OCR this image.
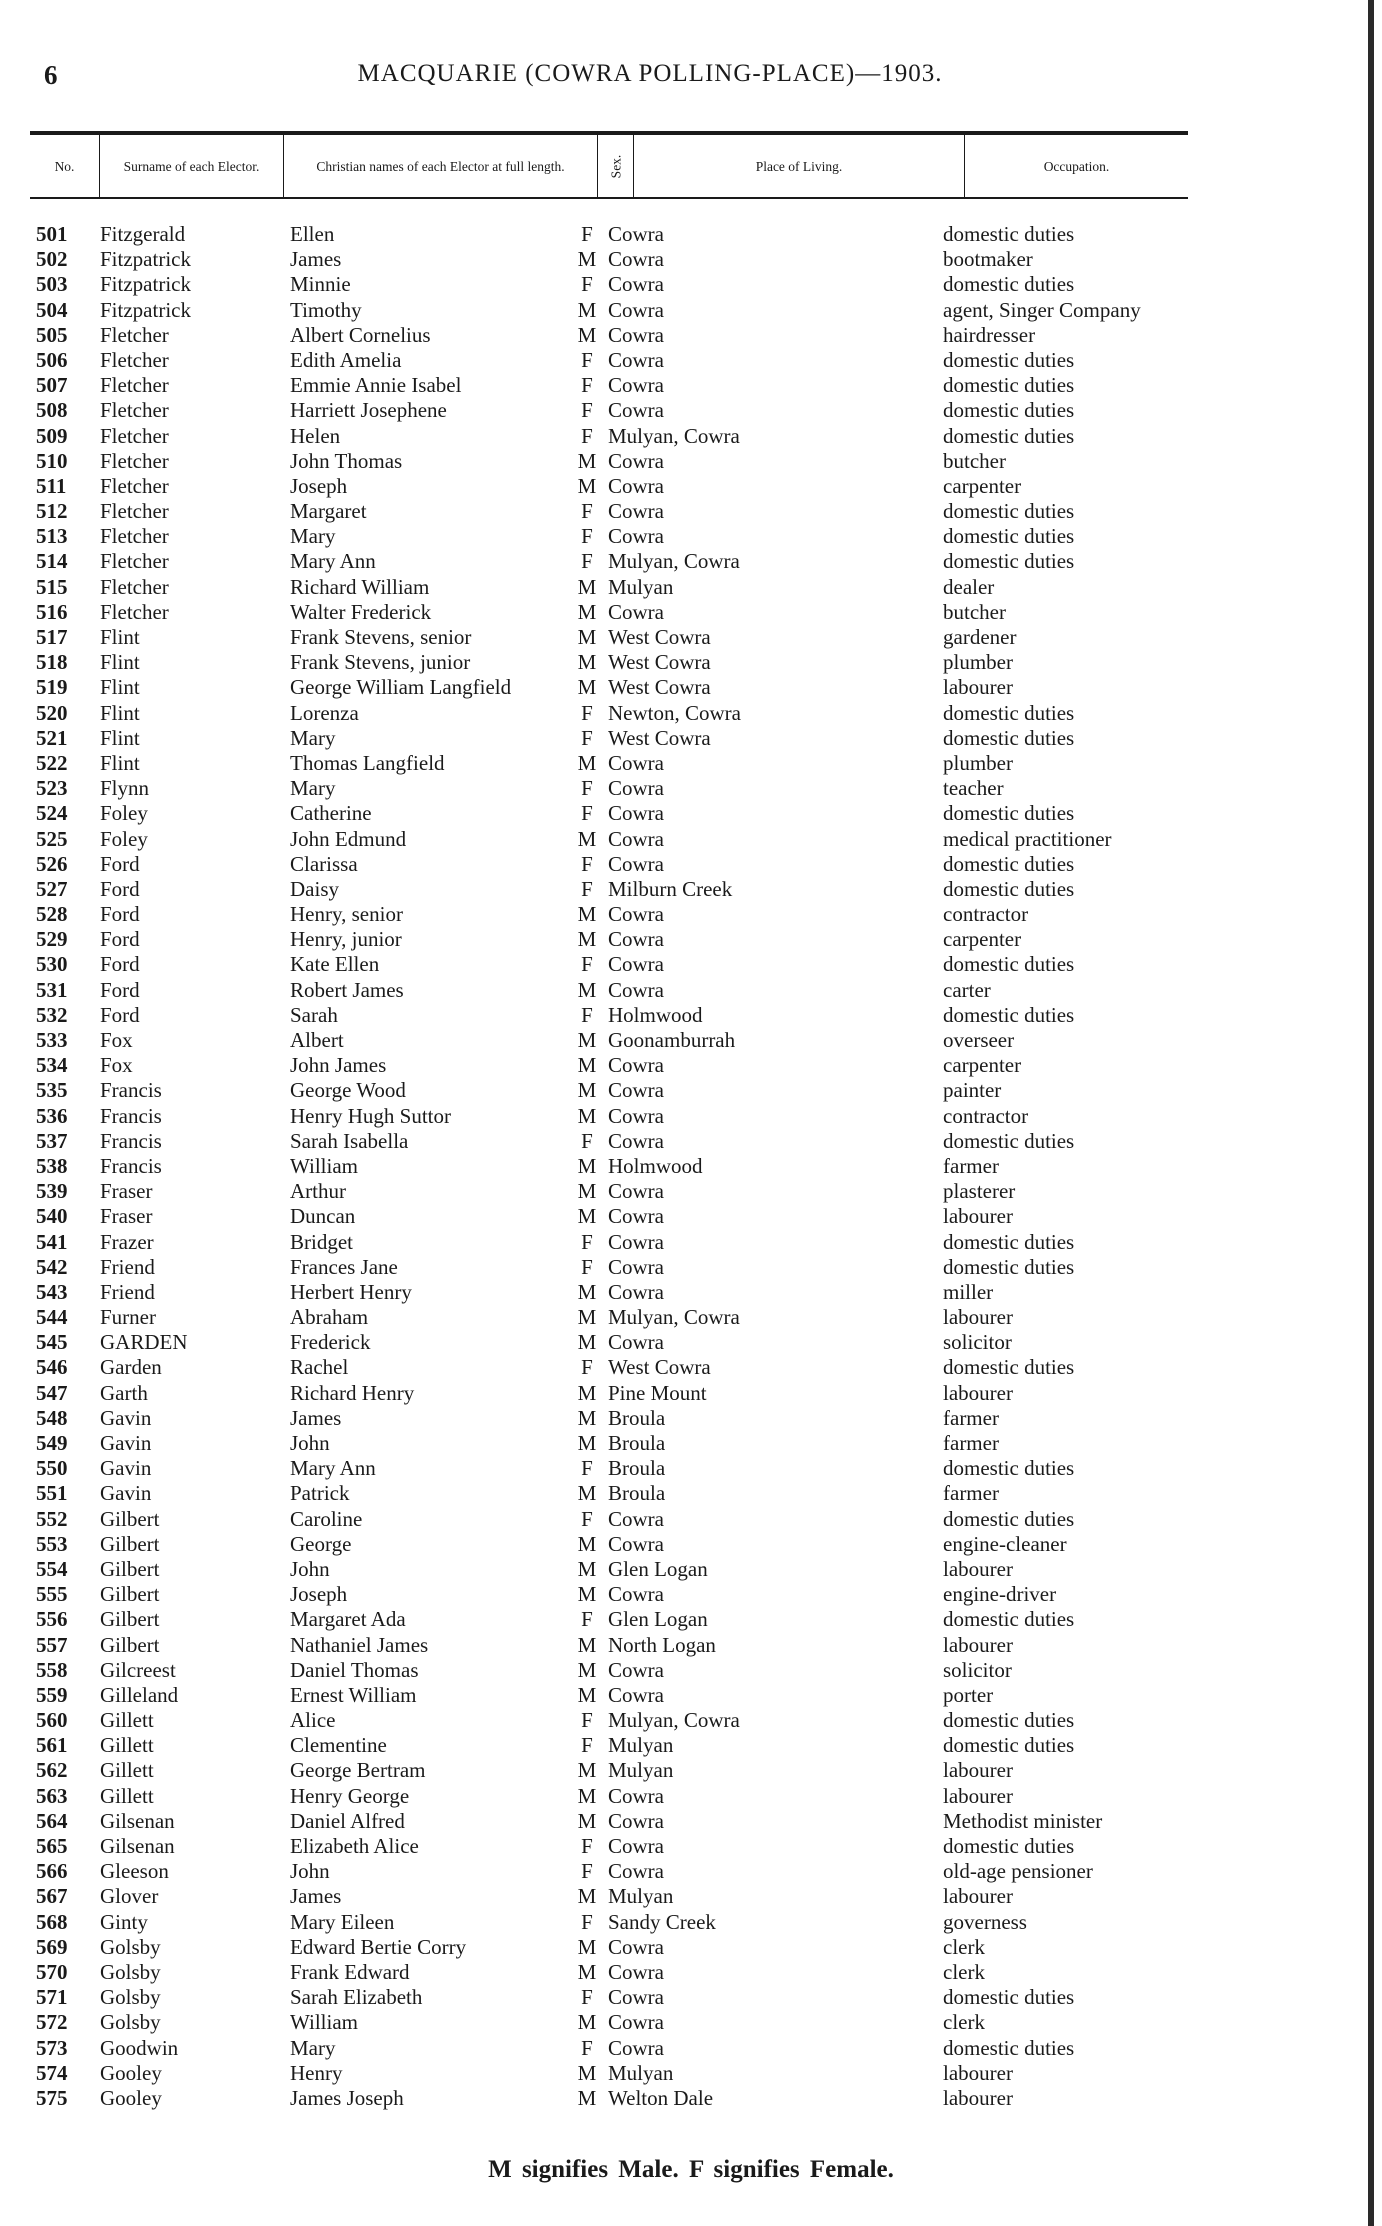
6	MACQUARIE (COWRA POLLING-PLACE)—1903.
No.	Surname of each Elector.	Christian names of each Elector at full length.	Sex.	Place of Living.	Occupation.
501 Fitzgerald	Ellen	F Cowra	domestic duties
502 Fitzpatrick	James	M Cowra	bootmaker
503 Fitzpatrick	Minnie	F Cowra	domestic duties
504 Fitzpatrick	Timothy	M Cowra	agent, Singer Company
505 Fletcher	Albert Cornelius	M Cowra	hairdresser
506 Fletcher	Edith Amelia	F Cowra	domestic duties
507 Fletcher	Emmie Annie Isabel	F Cowra	domestic duties
508 Fletcher	Harriett Josephene	F Cowra	domestic duties
509 Fletcher	Helen	F Mulyan, Cowra	domestic duties
510 Fletcher	John Thomas	M Cowra	butcher
511 Fletcher	Joseph	M Cowra	carpenter
512 Fletcher	Margaret	F Cowra	domestic duties
513 Fletcher	Mary	F Cowra	domestic duties
514 Fletcher	Mary Ann	F Mulyan, Cowra	domestic duties
515 Fletcher	Richard William	M Mulyan	dealer
516 Fletcher	Walter Frederick	M Cowra	butcher
517 Flint	Frank Stevens, senior	M West Cowra	gardener
518 Flint	Frank Stevens, junior	M West Cowra	plumber
519 Flint	George William Langfield	M West Cowra	labourer
520 Flint	Lorenza	F Newton, Cowra	domestic duties
521 Flint	Mary	F West Cowra	domestic duties
522 Flint	Thomas Langfield	M Cowra	plumber
523 Flynn	Mary	F Cowra	teacher
524 Foley	Catherine	F Cowra	domestic duties
525 Foley	John Edmund	M Cowra	medical practitioner
526 Ford	Clarissa	F Cowra	domestic duties
527 Ford	Daisy	F Milburn Creek	domestic duties
528 Ford	Henry, senior	M Cowra	contractor
529 Ford	Henry, junior	M Cowra	carpenter
530 Ford	Kate Ellen	F Cowra	domestic duties
531 Ford	Robert James	M Cowra	carter
532 Ford	Sarah	F Holmwood	domestic duties
533 Fox	Albert	M Goonamburrah	overseer
534 Fox	John James	M Cowra	carpenter
535 Francis	George Wood	M Cowra	painter
536 Francis	Henry Hugh Suttor	M Cowra	contractor
537 Francis	Sarah Isabella	F Cowra	domestic duties
538 Francis	William	M Holmwood	farmer
539 Fraser	Arthur	M Cowra	plasterer
540 Fraser	Duncan	M Cowra	labourer
541 Frazer	Bridget	F Cowra	domestic duties
542 Friend	Frances Jane	F Cowra	domestic duties
543 Friend	Herbert Henry	M Cowra	miller
544 Furner	Abraham	M Mulyan, Cowra	labourer
545 GARDEN	Frederick	M Cowra	solicitor
546 Garden	Rachel	F West Cowra	domestic duties
547 Garth	Richard Henry	M Pine Mount	labourer
548 Gavin	James	M Broula	farmer
549 Gavin	John	M Broula	farmer
550 Gavin	Mary Ann	F Broula	domestic duties
551 Gavin	Patrick	M Broula	farmer
552 Gilbert	Caroline	F Cowra	domestic duties
553 Gilbert	George	M Cowra	engine-cleaner
554 Gilbert	John	M Glen Logan	labourer
555 Gilbert	Joseph	M Cowra	engine-driver
556 Gilbert	Margaret Ada	F Glen Logan	domestic duties
557 Gilbert	Nathaniel James	M North Logan	labourer
558 Gilcreest	Daniel Thomas	M Cowra	solicitor
559 Gilleland	Ernest William	M Cowra	porter
560 Gillett	Alice	F Mulyan, Cowra	domestic duties
561 Gillett	Clementine	F Mulyan	domestic duties
562 Gillett	George Bertram	M Mulyan	labourer
563 Gillett	Henry George	M Cowra	labourer
564 Gilsenan	Daniel Alfred	M Cowra	Methodist minister
565 Gilsenan	Elizabeth Alice	F Cowra	domestic duties
566 Gleeson	John	F Cowra	old-age pensioner
567 Glover	James	M Mulyan	labourer
568 Ginty	Mary Eileen	F Sandy Creek	governess
569 Golsby	Edward Bertie Corry	M Cowra	clerk
570 Golsby	Frank Edward	M Cowra	clerk
571 Golsby	Sarah Elizabeth	F Cowra	domestic duties
572 Golsby	William	M Cowra	clerk
573 Goodwin	Mary	F Cowra	domestic duties
574 Gooley	Henry	M Mulyan	labourer
575 Gooley	James Joseph	M Welton Dale	labourer
M signifies Male. F signifies Female.
